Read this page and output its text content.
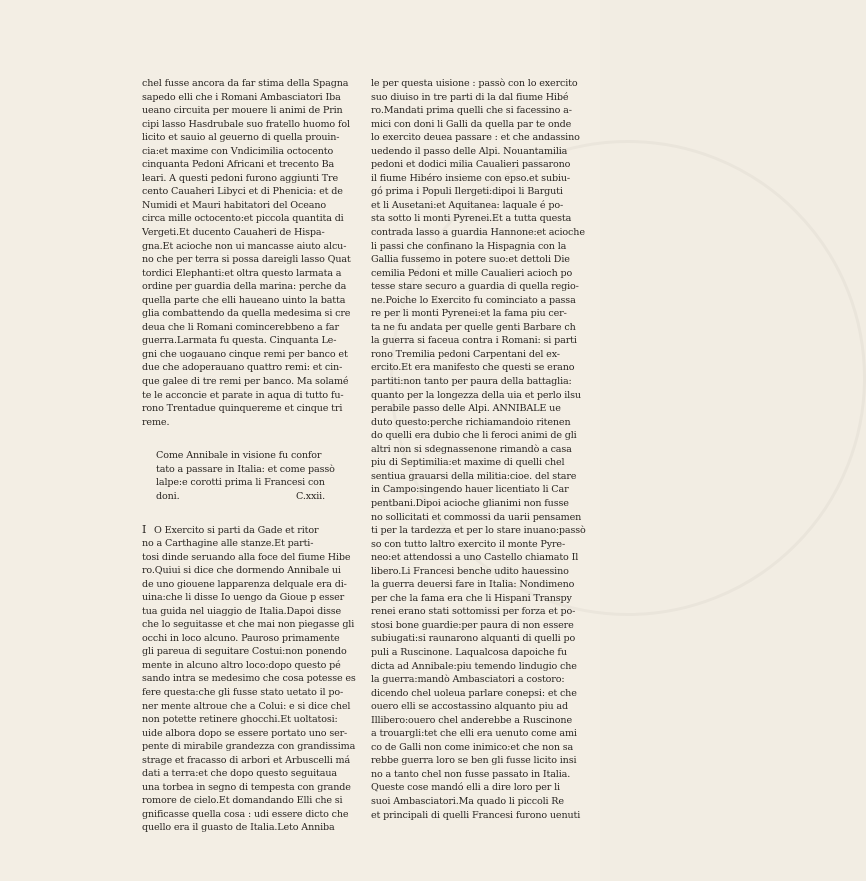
chel fusse ancora da far stima della Spagna
sapedo elli che i Romani Ambasciatori Iba
ueano circuita per mouere li animi de Prin
cipi lasso Hasdrubale suo fratello huomo fol
licito et sauio al geuerno di quella prouin-
cia:et maxime con Vndicimilia octocento
cinquanta Pedoni Africani et trecento Ba
leari. A questi pedoni furono aggiunti Tre
cento Cauaheri Libyci et di Phenicia: et de
Numidi et Mauri habitatori del Oceano
circa mille octocento:et piccola quantita di
Vergeti.Et ducento Cauaheri de Hispa-
gna.Et acioche non ui mancasse aiuto alcu-
no che per terra si possa dareigli lasso Quat
tordici Elephanti:et oltra questo larmata a
ordine per guardia della marina: perche da
quella parte che elli haueano uinto la batta
glia combattendo da quella medesima si cre
deua che li Romani comincerebbeno a far
guerra.Larmata fu questa. Cinquanta Le-
gni che uogauano cinque remi per banco et
due che adoperauano quattro remi: et cin-
que galee di tre remi per banco. Ma solamé
te le acconcie et parate in aqua di tutto fu-
rono Trentadue quinquereme et cinque tri
reme.
Come Annibale in visione fu confor
tato a passare in Italia: et come passò
lalpe:e corotti prima li Francesi con
doni.	C.xxii.
I O Exercito si parti da Gade et ritor
no a Carthagine alle stanze.Et parti-
tosi dinde seruando alla foce del fiume Hibe
ro.Quiui si dice che dormendo Annibale ui
de uno giouene lapparenza delquale era di-
uina:che li disse Io uengo da Gioue p esser
tua guida nel uiaggio de Italia.Dapoi disse
che lo seguitasse et che mai non piegasse gli
occhi in loco alcuno. Pauroso primamente
gli pareua di seguitare Costui:non ponendo
mente in alcuno altro loco:dopo questo pé
sando intra se medesimo che cosa potesse es
fere questa:che gli fusse stato uetato il po-
ner mente altroue che a Colui: e si dice chel
non potette retinere ghocchi.Et uoltatosi:
uide albora dopo se essere portato uno ser-
pente di mirabile grandezza con grandissima
strage et fracasso di arbori et Arbuscelli má
dati a terra:et che dopo questo seguitaua
una torbea in segno di tempesta con grande
romore de cielo.Et domandando Elli che si
gnificasse quella cosa : udi essere dicto che
quello era il guasto de Italia.Leto Anniba
le per questa uisione : passò con lo exercito
suo diuiso in tre parti di la dal fiume Hibé
ro.Mandati prima quelli che si facessino a-
mici con doni li Galli da quella par te onde
lo exercito deuea passare : et che andassino
uedendo il passo delle Alpi. Nouantamilia
pedoni et dodici milia Caualieri passarono
il fiume Hibéro insieme con epso.et subiu-
gó prima i Populi Ilergeti:dipoi li Barguti
et li Ausetani:et Aquitanea: laquale é po-
sta sotto li monti Pyrenei.Et a tutta questa
contrada lasso a guardia Hannone:et acioche
li passi che confinano la Hispagnia con la
Gallia fussemo in potere suo:et dettoli Die
cemilia Pedoni et mille Caualieri acioch po
tesse stare securo a guardia di quella regio-
ne.Poiche lo Exercito fu cominciato a passa
re per li monti Pyrenei:et la fama piu cer-
ta ne fu andata per quelle genti Barbare ch
la guerra si faceua contra i Romani: si parti
rono Tremilia pedoni Carpentani del ex-
ercito.Et era manifesto che questi se erano
partiti:non tanto per paura della battaglia:
quanto per la longezza della uia et perlo ilsu
perabile passo delle Alpi. ANNIBALE ue
duto questo:perche richiamandoio ritenen
do quelli era dubio che li feroci animi de gli
altri non si sdegnassenone rimandò a casa
piu di Septimilia:et maxime di quelli chel
sentiua grauarsi della militia:cioe. del stare
in Campo:singendo hauer licentiato li Car
pentbani.Dipoi acioche glianimi non fusse
no sollicitati et commossi da uarii pensamen
ti per la tardezza et per lo stare inuano:passò
so con tutto laltro exercito il monte Pyre-
neo:et attendossi a uno Castello chiamato Il
libero.Li Francesi benche udito hauessino
la guerra deuersi fare in Italia: Nondimeno
per che la fama era che li Hispani Transpy
renei erano stati sottomissi per forza et po-
stosi bone guardie:per paura di non essere
subiugati:si raunarono alquanti di quelli po
puli a Ruscinone. Laqualcosa dapoiche fu
dicta ad Annibale:piu temendo lindugio che
la guerra:mandò Ambasciatori a costoro:
dicendo chel uoleua parlare conepsi: et che
ouero elli se accostassino alquanto piu ad
Illibero:ouero chel anderebbe a Ruscinone
a trouargli:tet che elli era uenuto come ami
co de Galli non come inimico:et che non sa
rebbe guerra loro se ben gli fusse licito insi
no a tanto chel non fusse passato in Italia.
Queste cose mandó elli a dire loro per li
suoi Ambasciatori.Ma quado li piccoli Re
et principali di quelli Francesi furono uenuti
